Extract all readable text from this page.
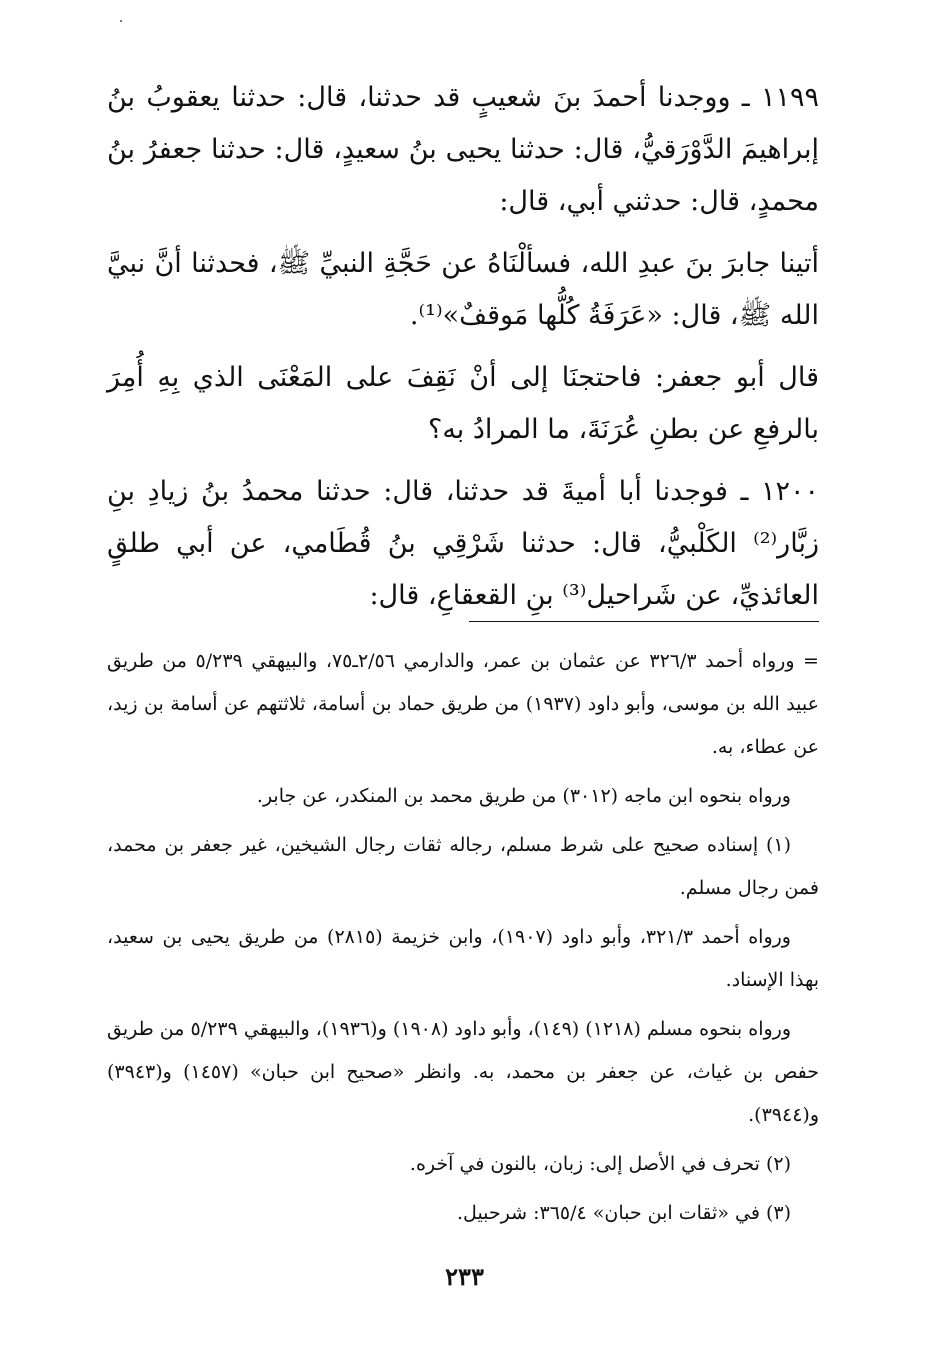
١١٩٩ ـ ووجدنا أحمدَ بنَ شعيبٍ قد حدثنا، قال: حدثنا يعقوبُ بنُ إبراهيمَ الدَّوْرَقيُّ، قال: حدثنا يحيى بنُ سعيدٍ، قال: حدثنا جعفرُ بنُ محمدٍ، قال: حدثني أبي، قال:

أتينا جابرَ بنَ عبدِ الله، فسألْنَاهُ عن حَجَّةِ النبيِّ ﷺ، فحدثنا أنَّ نبيَّ الله ﷺ، قال: «عَرَفَةُ كُلُّها مَوقفٌ»⁽¹⁾.

قال أبو جعفر: فاحتجنَا إلى أنْ نَقِفَ على المَعْنَى الذي بِهِ أُمِرَ بالرفعِ عن بطنِ عُرَنَةَ، ما المرادُ به؟

١٢٠٠ ـ فوجدنا أبا أميةَ قد حدثنا، قال: حدثنا محمدُ بنُ زيادِ بنِ زبَّار⁽²⁾ الكَلْبيُّ، قال: حدثنا شَرْقِي بنُ قُطَامي، عن أبي طلقٍ العائذيِّ، عن شَراحيل⁽³⁾ بنِ القعقاعِ، قال:

= ورواه أحمد ٣٢٦/٣ عن عثمان بن عمر، والدارمي ٢/٥٦ـ٧٥، والبيهقي ٥/٢٣٩ من طريق عبيد الله بن موسى، وأبو داود (١٩٣٧) من طريق حماد بن أسامة، ثلاثتهم عن أسامة بن زيد، عن عطاء، به.

ورواه بنحوه ابن ماجه (٣٠١٢) من طريق محمد بن المنكدر، عن جابر.

(١) إسناده صحيح على شرط مسلم، رجاله ثقات رجال الشيخين، غير جعفر بن محمد، فمن رجال مسلم.

ورواه أحمد ٣٢١/٣، وأبو داود (١٩٠٧)، وابن خزيمة (٢٨١٥) من طريق يحيى بن سعيد، بهذا الإسناد.

ورواه بنحوه مسلم (١٢١٨) (١٤٩)، وأبو داود (١٩٠٨) و(١٩٣٦)، والبيهقي ٥/٢٣٩ من طريق حفص بن غياث، عن جعفر بن محمد، به. وانظر «صحيح ابن حبان» (١٤٥٧) و(٣٩٤٣) و(٣٩٤٤).

(٢) تحرف في الأصل إلى: زبان، بالنون في آخره.

(٣) في «ثقات ابن حبان» ٣٦٥/٤: شرحبيل.

٢٣٣
